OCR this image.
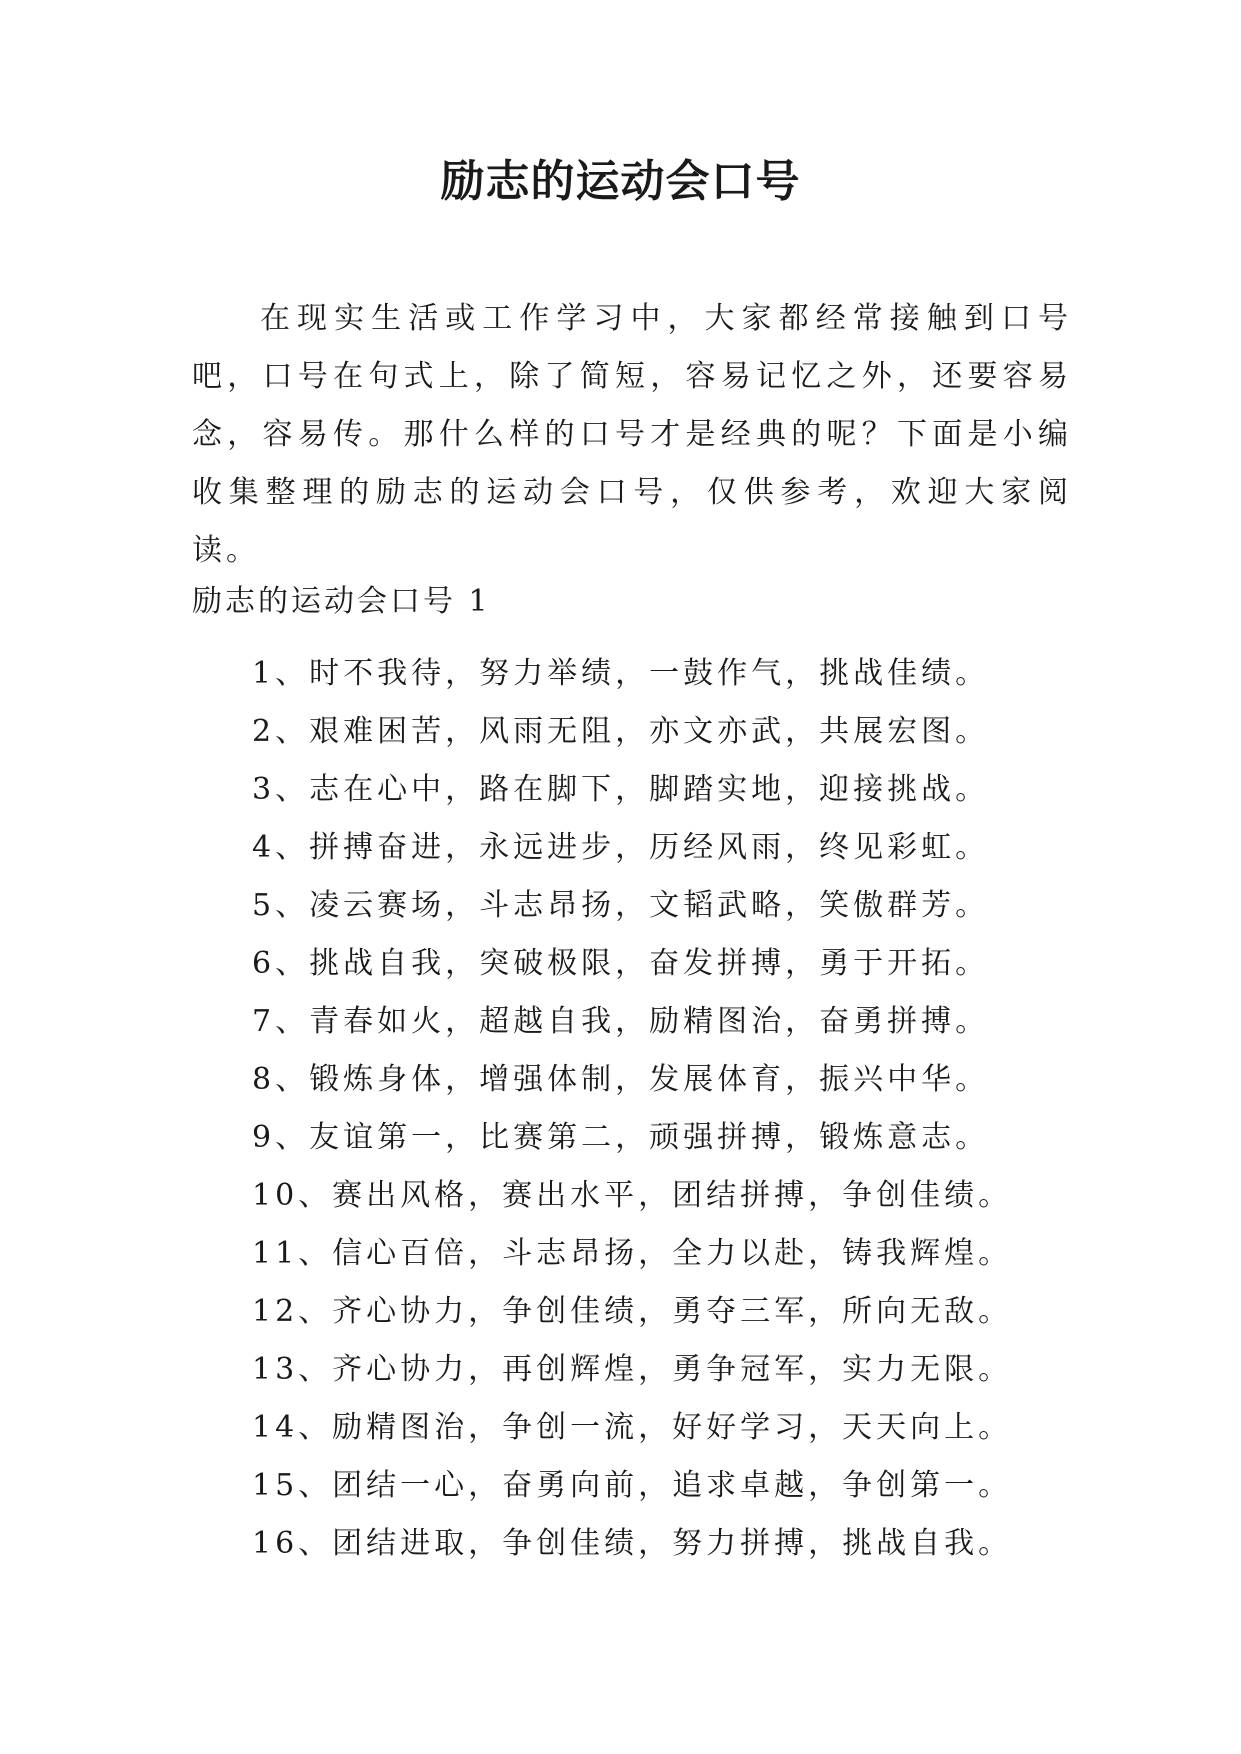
励志的运动会口号

在现实生活或工作学习中，大家都经常接触到口号吧，口号在句式上，除了简短，容易记忆之外，还要容易念，容易传。那什么样的口号才是经典的呢？下面是小编收集整理的励志的运动会口号，仅供参考，欢迎大家阅读。

励志的运动会口号 1
1、时不我待，努力举绩，一鼓作气，挑战佳绩。
2、艰难困苦，风雨无阻，亦文亦武，共展宏图。
3、志在心中，路在脚下，脚踏实地，迎接挑战。
4、拼搏奋进，永远进步，历经风雨，终见彩虹。
5、凌云赛场，斗志昂扬，文韬武略，笑傲群芳。
6、挑战自我，突破极限，奋发拼搏，勇于开拓。
7、青春如火，超越自我，励精图治，奋勇拼搏。
8、锻炼身体，增强体制，发展体育，振兴中华。
9、友谊第一，比赛第二，顽强拼搏，锻炼意志。
10、赛出风格，赛出水平，团结拼搏，争创佳绩。
11、信心百倍，斗志昂扬，全力以赴，铸我辉煌。
12、齐心协力，争创佳绩，勇夺三军，所向无敌。
13、齐心协力，再创辉煌，勇争冠军，实力无限。
14、励精图治，争创一流，好好学习，天天向上。
15、团结一心，奋勇向前，追求卓越，争创第一。
16、团结进取，争创佳绩，努力拼搏，挑战自我。
